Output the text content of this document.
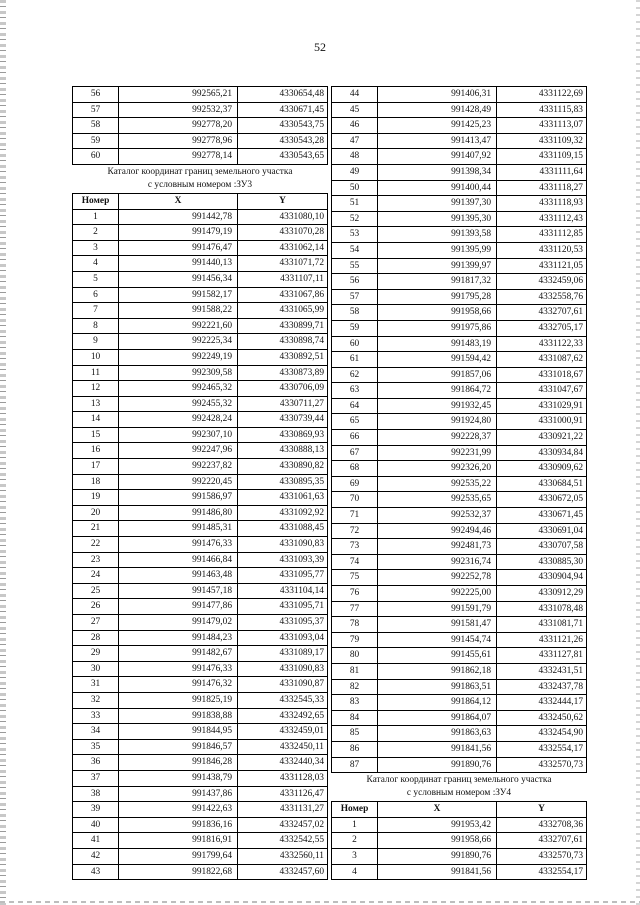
52
56	992565,21	4330654,48
57	992532,37	4330671,45
58	992778,20	4330543,75
59	992778,96	4330543,28
60	992778,14	4330543,65
Каталог координат границ земельного участка
с условным номером :ЗУ3
Номер	X	Y
1	991442,78	4331080,10
2	991479,19	4331070,28
3	991476,47	4331062,14
4	991440,13	4331071,72
5	991456,34	4331107,11
6	991582,17	4331067,86
7	991588,22	4331065,99
8	992221,60	4330899,71
9	992225,34	4330898,74
10	992249,19	4330892,51
11	992309,58	4330873,89
12	992465,32	4330706,09
13	992455,32	4330711,27
14	992428,24	4330739,44
15	992307,10	4330869,93
16	992247,96	4330888,13
17	992237,82	4330890,82
18	992220,45	4330895,35
19	991586,97	4331061,63
20	991486,80	4331092,92
21	991485,31	4331088,45
22	991476,33	4331090,83
23	991466,84	4331093,39
24	991463,48	4331095,77
25	991457,18	4331104,14
26	991477,86	4331095,71
27	991479,02	4331095,37
28	991484,23	4331093,04
29	991482,67	4331089,17
30	991476,33	4331090,83
31	991476,32	4331090,87
32	991825,19	4332545,33
33	991838,88	4332492,65
34	991844,95	4332459,01
35	991846,57	4332450,11
36	991846,28	4332440,34
37	991438,79	4331128,03
38	991437,86	4331126,47
39	991422,63	4331131,27
40	991836,16	4332457,02
41	991816,91	4332542,55
42	991799,64	4332560,11
43	991822,68	4332457,60
44	991406,31	4331122,69
45	991428,49	4331115,83
46	991425,23	4331113,07
47	991413,47	4331109,32
48	991407,92	4331109,15
49	991398,34	4331111,64
50	991400,44	4331118,27
51	991397,30	4331118,93
52	991395,30	4331112,43
53	991393,58	4331112,85
54	991395,99	4331120,53
55	991399,97	4331121,05
56	991817,32	4332459,06
57	991795,28	4332558,76
58	991958,66	4332707,61
59	991975,86	4332705,17
60	991483,19	4331122,33
61	991594,42	4331087,62
62	991857,06	4331018,67
63	991864,72	4331047,67
64	991932,45	4331029,91
65	991924,80	4331000,91
66	992228,37	4330921,22
67	992231,99	4330934,84
68	992326,20	4330909,62
69	992535,22	4330684,51
70	992535,65	4330672,05
71	992532,37	4330671,45
72	992494,46	4330691,04
73	992481,73	4330707,58
74	992316,74	4330885,30
75	992252,78	4330904,94
76	992225,00	4330912,29
77	991591,79	4331078,48
78	991581,47	4331081,71
79	991454,74	4331121,26
80	991455,61	4331127,81
81	991862,18	4332431,51
82	991863,51	4332437,78
83	991864,12	4332444,17
84	991864,07	4332450,62
85	991863,63	4332454,90
86	991841,56	4332554,17
87	991890,76	4332570,73
Каталог координат границ земельного участка
с условным номером :ЗУ4
Номер	X	Y
1	991953,42	4332708,36
2	991958,66	4332707,61
3	991890,76	4332570,73
4	991841,56	4332554,17
